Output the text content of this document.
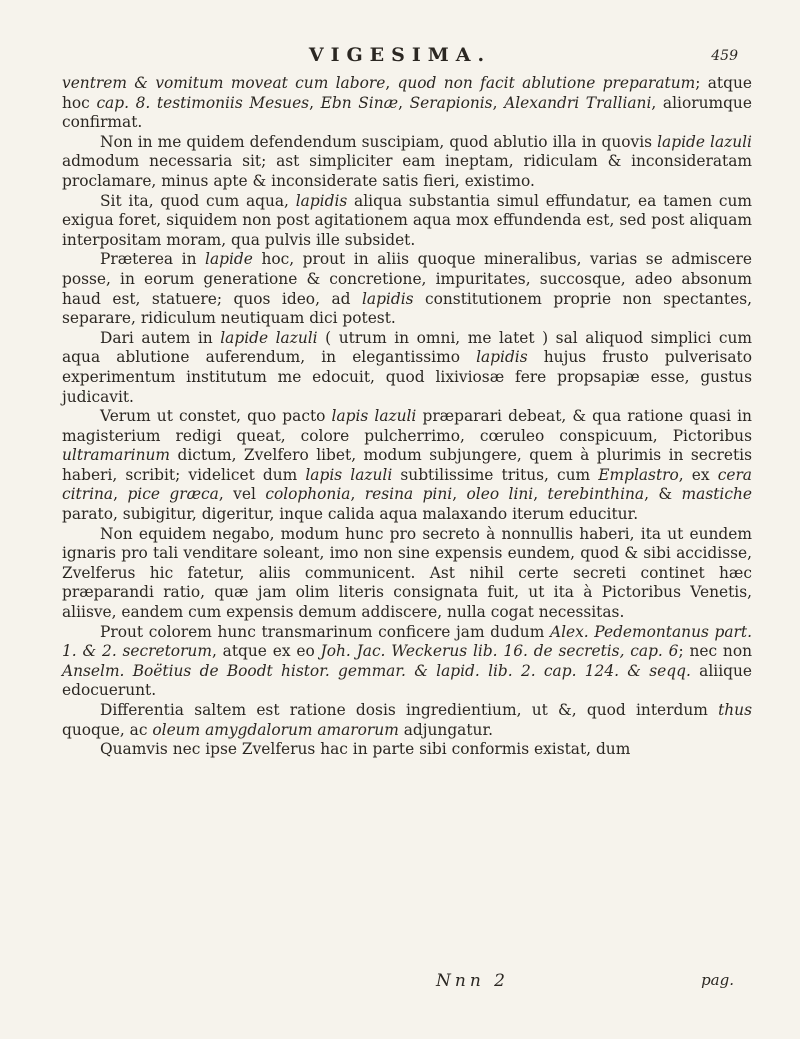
VIGESIMA.	459

ventrem & vomitum moveat cum labore, quod non facit ablutione preparatum; atque hoc cap. 8. testimoniis Mesues, Ebn Sinæ, Serapionis, Alexandri Tralliani, aliorumque confirmat.

Non in me quidem defendendum suscipiam, quod ablutio illa in quovis lapide lazuli admodum necessaria sit; ast simpliciter eam ineptam, ridiculam & inconsideratam proclamare, minus apte & inconsiderate satis fieri, existimo.

Sit ita, quod cum aqua, lapidis aliqua substantia simul effundatur, ea tamen cum exigua foret, siquidem non post agitationem aqua mox effundenda est, sed post aliquam interpositam moram, qua pulvis ille subsidet.

Præterea in lapide hoc, prout in aliis quoque mineralibus, varias se admiscere posse, in eorum generatione & concretione, impuritates, succosque, adeo absonum haud est, statuere; quos ideo, ad lapidis constitutionem proprie non spectantes, separare, ridiculum neutiquam dici potest.

Dari autem in lapide lazuli ( utrum in omni, me latet ) sal aliquod simplici cum aqua ablutione auferendum, in elegantissimo lapidis hujus frusto pulverisato experimentum institutum me edocuit, quod lixiviosæ fere propsapiæ esse, gustus judicavit.

Verum ut constet, quo pacto lapis lazuli præparari debeat, & qua ratione quasi in magisterium redigi queat, colore pulcherrimo, cœruleo conspicuum, Pictoribus ultramarinum dictum, Zvelfero libet, modum subjungere, quem à plurimis in secretis haberi, scribit; videlicet dum lapis lazuli subtilissime tritus, cum Emplastro, ex cera citrina, pice græca, vel colophonia, resina pini, oleo lini, terebinthina, & mastiche parato, subigitur, digeritur, inque calida aqua malaxando iterum educitur.

Non equidem negabo, modum hunc pro secreto à nonnullis haberi, ita ut eundem ignaris pro tali venditare soleant, imo non sine expensis eundem, quod & sibi accidisse, Zvelferus hic fatetur, aliis communicent. Ast nihil certe secreti continet hæc præparandi ratio, quæ jam olim literis consignata fuit, ut ita à Pictoribus Venetis, aliisve, eandem cum expensis demum addiscere, nulla cogat necessitas.

Prout colorem hunc transmarinum conficere jam dudum Alex. Pedemontanus part. 1. & 2. secretorum, atque ex eo Joh. Jac. Weckerus lib. 16. de secretis, cap. 6; nec non Anselm. Boëtius de Boodt histor. gemmar. & lapid. lib. 2. cap. 124. & seqq. aliique edocuerunt.

Differentia saltem est ratione dosis ingredientium, ut &, quod interdum thus quoque, ac oleum amygdalorum amarorum adjungatur.

Quamvis nec ipse Zvelferus hac in parte sibi conformis existat, dum

Nnn 2	pag.
